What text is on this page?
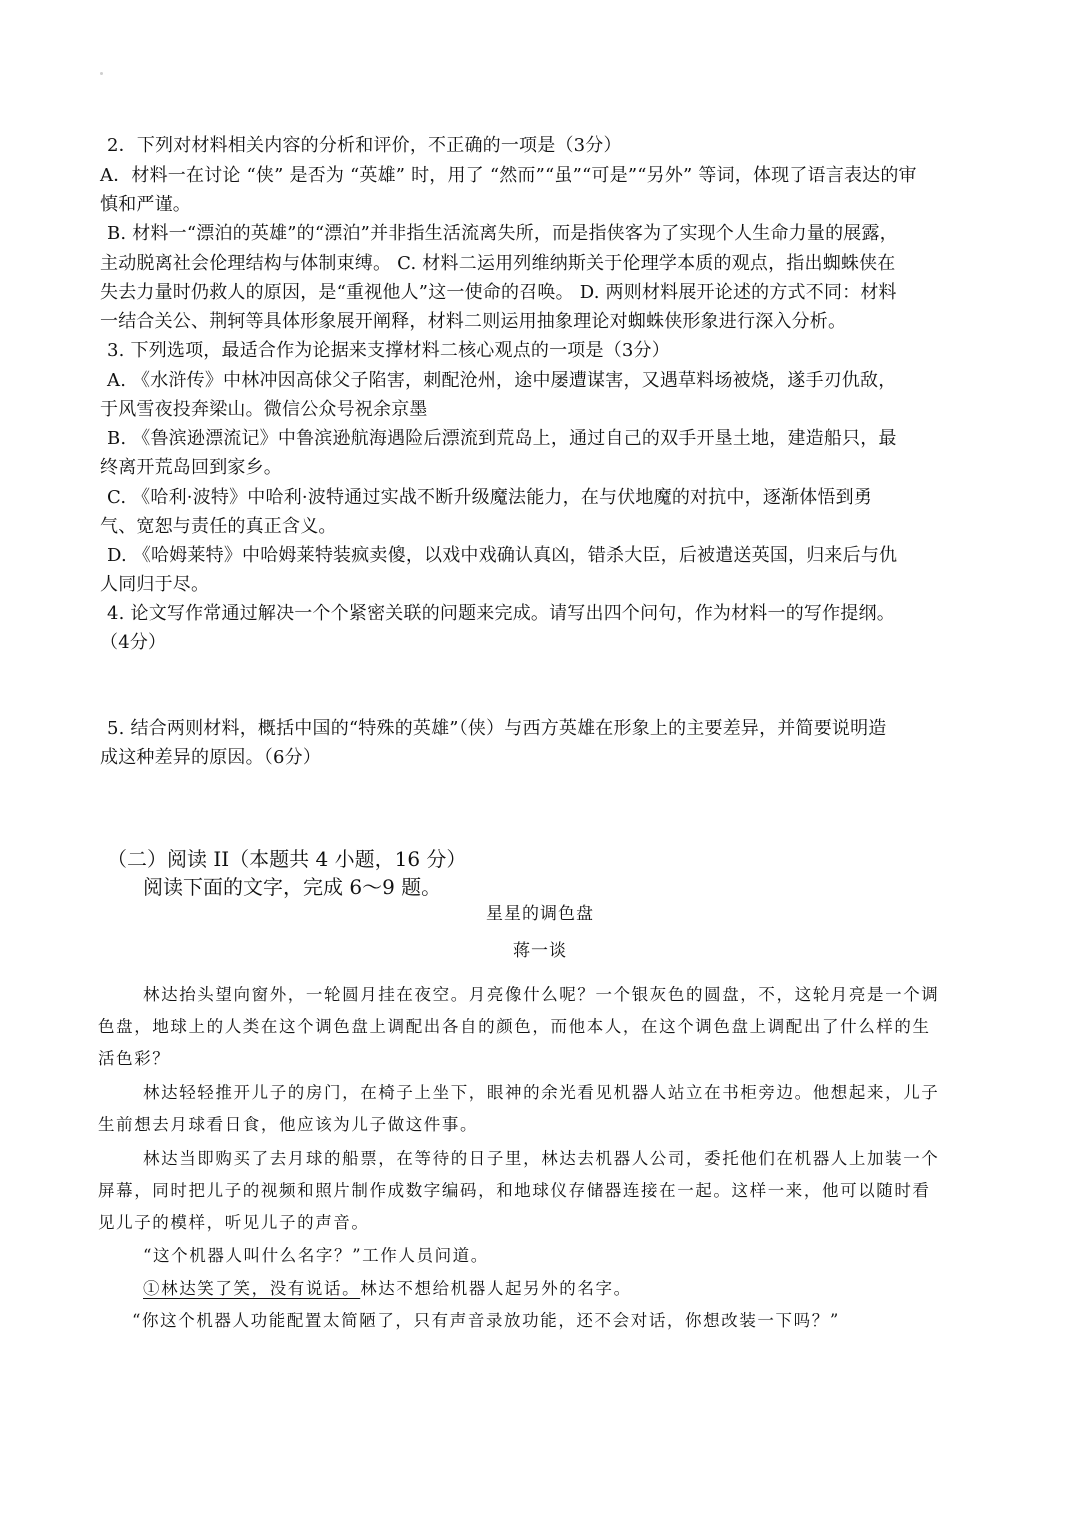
2．下列对材料相关内容的分析和评价，不正确的一项是（3分）
A．材料一在讨论 “侠” 是否为 “英雄” 时，用了 “然而”“虽”“可是”“另外” 等词，体现了语言表达的审
慎和严谨。
B. 材料一“漂泊的英雄”的“漂泊”并非指生活流离失所，而是指侠客为了实现个人生命力量的展露，
主动脱离社会伦理结构与体制束缚。 C. 材料二运用列维纳斯关于伦理学本质的观点，指出蜘蛛侠在
失去力量时仍救人的原因，是“重视他人”这一使命的召唤。 D. 两则材料展开论述的方式不同：材料
一结合关公、荆轲等具体形象展开阐释，材料二则运用抽象理论对蜘蛛侠形象进行深入分析。
3. 下列选项，最适合作为论据来支撑材料二核心观点的一项是（3分）
A. 《水浒传》中林冲因高俅父子陷害，刺配沧州，途中屡遭谋害，又遇草料场被烧，遂手刃仇敌，
于风雪夜投奔梁山。微信公众号祝余京墨
B. 《鲁滨逊漂流记》中鲁滨逊航海遇险后漂流到荒岛上，通过自己的双手开垦土地，建造船只，最
终离开荒岛回到家乡。
C. 《哈利·波特》中哈利·波特通过实战不断升级魔法能力，在与伏地魔的对抗中，逐渐体悟到勇
气、宽恕与责任的真正含义。
D. 《哈姆莱特》中哈姆莱特装疯卖傻，以戏中戏确认真凶，错杀大臣，后被遣送英国，归来后与仇
人同归于尽。
4. 论文写作常通过解决一个个紧密关联的问题来完成。请写出四个问句，作为材料一的写作提纲。
（4分）
5. 结合两则材料，概括中国的“特殊的英雄”（侠）与西方英雄在形象上的主要差异，并简要说明造
成这种差异的原因。（6分）
（二）阅读 II（本题共 4 小题，16 分）
阅读下面的文字，完成 6～9 题。
星星的调色盘
蒋一谈
林达抬头望向窗外，一轮圆月挂在夜空。月亮像什么呢？一个银灰色的圆盘，不，这轮月亮是一个调
色盘，地球上的人类在这个调色盘上调配出各自的颜色，而他本人，在这个调色盘上调配出了什么样的生
活色彩？
林达轻轻推开儿子的房门，在椅子上坐下，眼神的余光看见机器人站立在书柜旁边。他想起来，儿子
生前想去月球看日食，他应该为儿子做这件事。
林达当即购买了去月球的船票，在等待的日子里，林达去机器人公司，委托他们在机器人上加装一个
屏幕，同时把儿子的视频和照片制作成数字编码，和地球仪存储器连接在一起。这样一来，他可以随时看
见儿子的模样，听见儿子的声音。
“这个机器人叫什么名字？”工作人员问道。
①林达笑了笑，没有说话。林达不想给机器人起另外的名字。
“你这个机器人功能配置太简陋了，只有声音录放功能，还不会对话，你想改装一下吗？”
